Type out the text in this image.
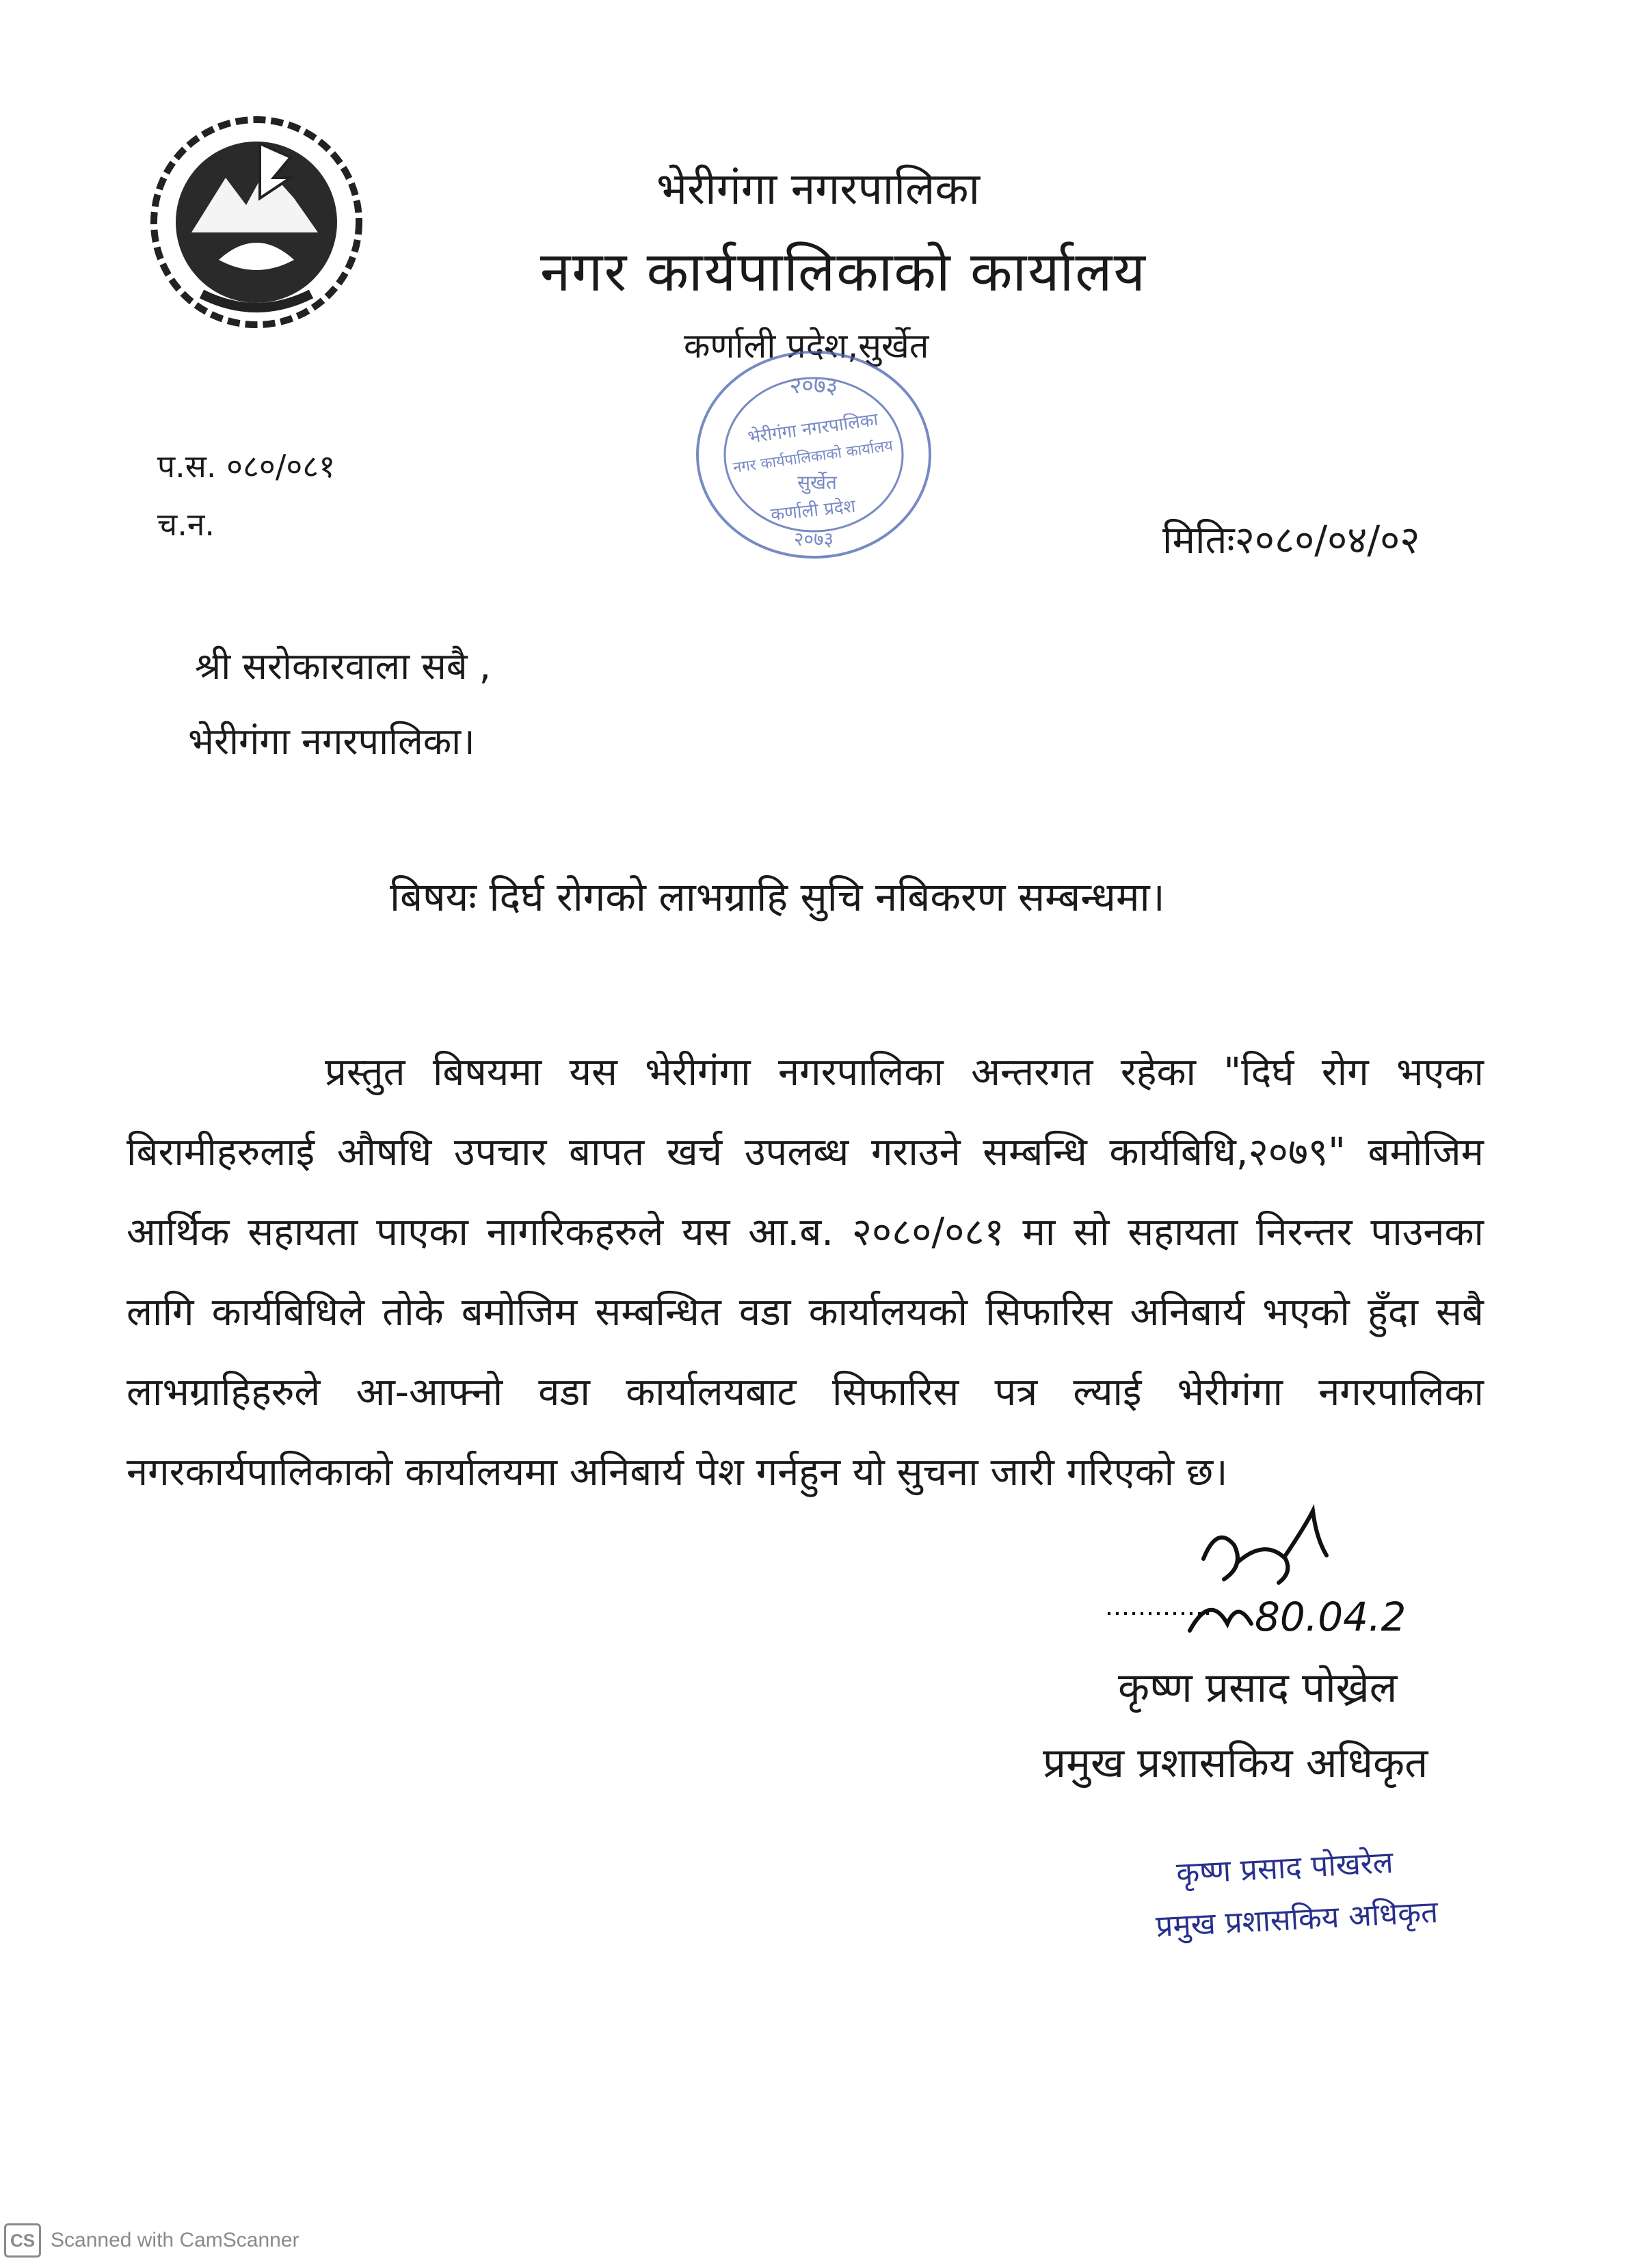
भेरीगंगा नगरपालिका
नगर कार्यपालिकाको कार्यालय
कर्णाली प्रदेश,सुर्खेत
२०७३
भेरीगंगा नगरपालिका
नगर कार्यपालिकाको कार्यालय
सुर्खेत
कर्णाली प्रदेश
२०७३
प.स. ०८०/०८१
च.न.	मितिः२०८०/०४/०२
श्री सरोकारवाला सबै ,
भेरीगंगा नगरपालिका।
बिषयः दिर्घ रोगको लाभग्राहि सुचि नबिकरण सम्बन्धमा।
प्रस्तुत बिषयमा यस भेरीगंगा नगरपालिका अन्तरगत रहेका "दिर्घ रोग भएका बिरामीहरुलाई औषधि उपचार बापत खर्च उपलब्ध गराउने सम्बन्धि कार्यबिधि,२०७९" बमोजिम आर्थिक सहायता पाएका नागरिकहरुले यस आ.ब. २०८०/०८१ मा सो सहायता निरन्तर पाउनका लागि कार्यबिधिले तोके बमोजिम सम्बन्धित वडा कार्यालयको सिफारिस अनिबार्य भएको हुँदा सबै लाभग्राहिहरुले आ-आफ्नो वडा कार्यालयबाट सिफारिस पत्र ल्याई भेरीगंगा नगरपालिका नगरकार्यपालिकाको कार्यालयमा अनिबार्य पेश गर्नहुन यो सुचना जारी गरिएको छ।
80.04.2
कृष्ण प्रसाद पोख्रेल
प्रमुख प्रशासकिय अधिकृत
कृष्ण प्रसाद पोखरेल
प्रमुख प्रशासकिय अधिकृत
CS Scanned with CamScanner
